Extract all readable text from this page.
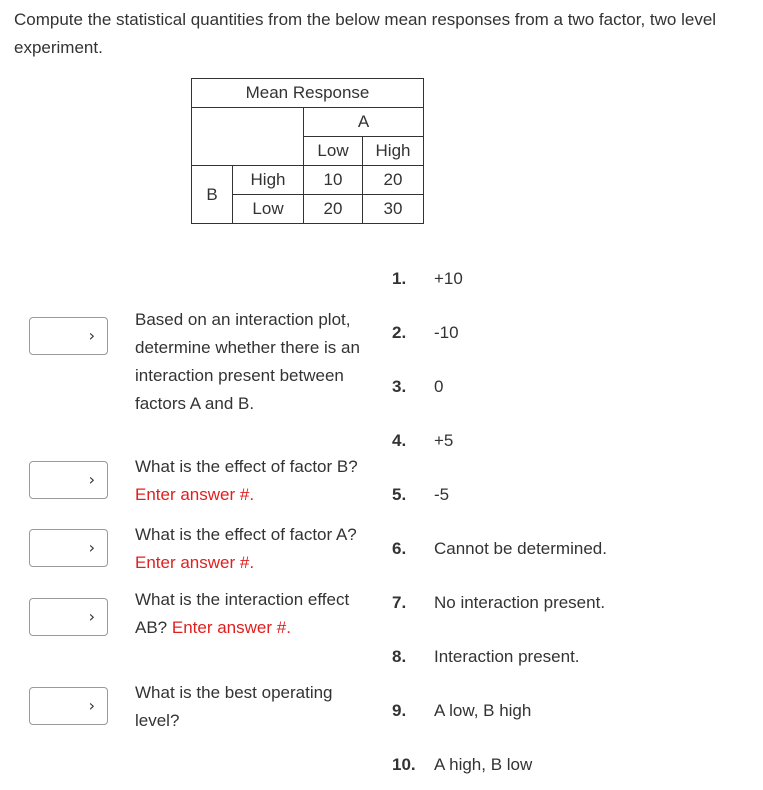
Compute the statistical quantities from the below mean responses from a two factor, two level experiment.
Mean Response			
		A	
		Low	High
B	High	10	20
	Low	20	30
›
›
›
›
›
Based on an interaction plot, determine whether there is an interaction present between factors A and B.
What is the effect of factor B? Enter answer #.
What is the effect of factor A? Enter answer #.
What is the interaction effect AB? Enter answer #.
What is the best operating level?
1. +10
2. -10
3. 0
4. +5
5. -5
6. Cannot be determined.
7. No interaction present.
8. Interaction present.
9. A low, B high
10. A high, B low
